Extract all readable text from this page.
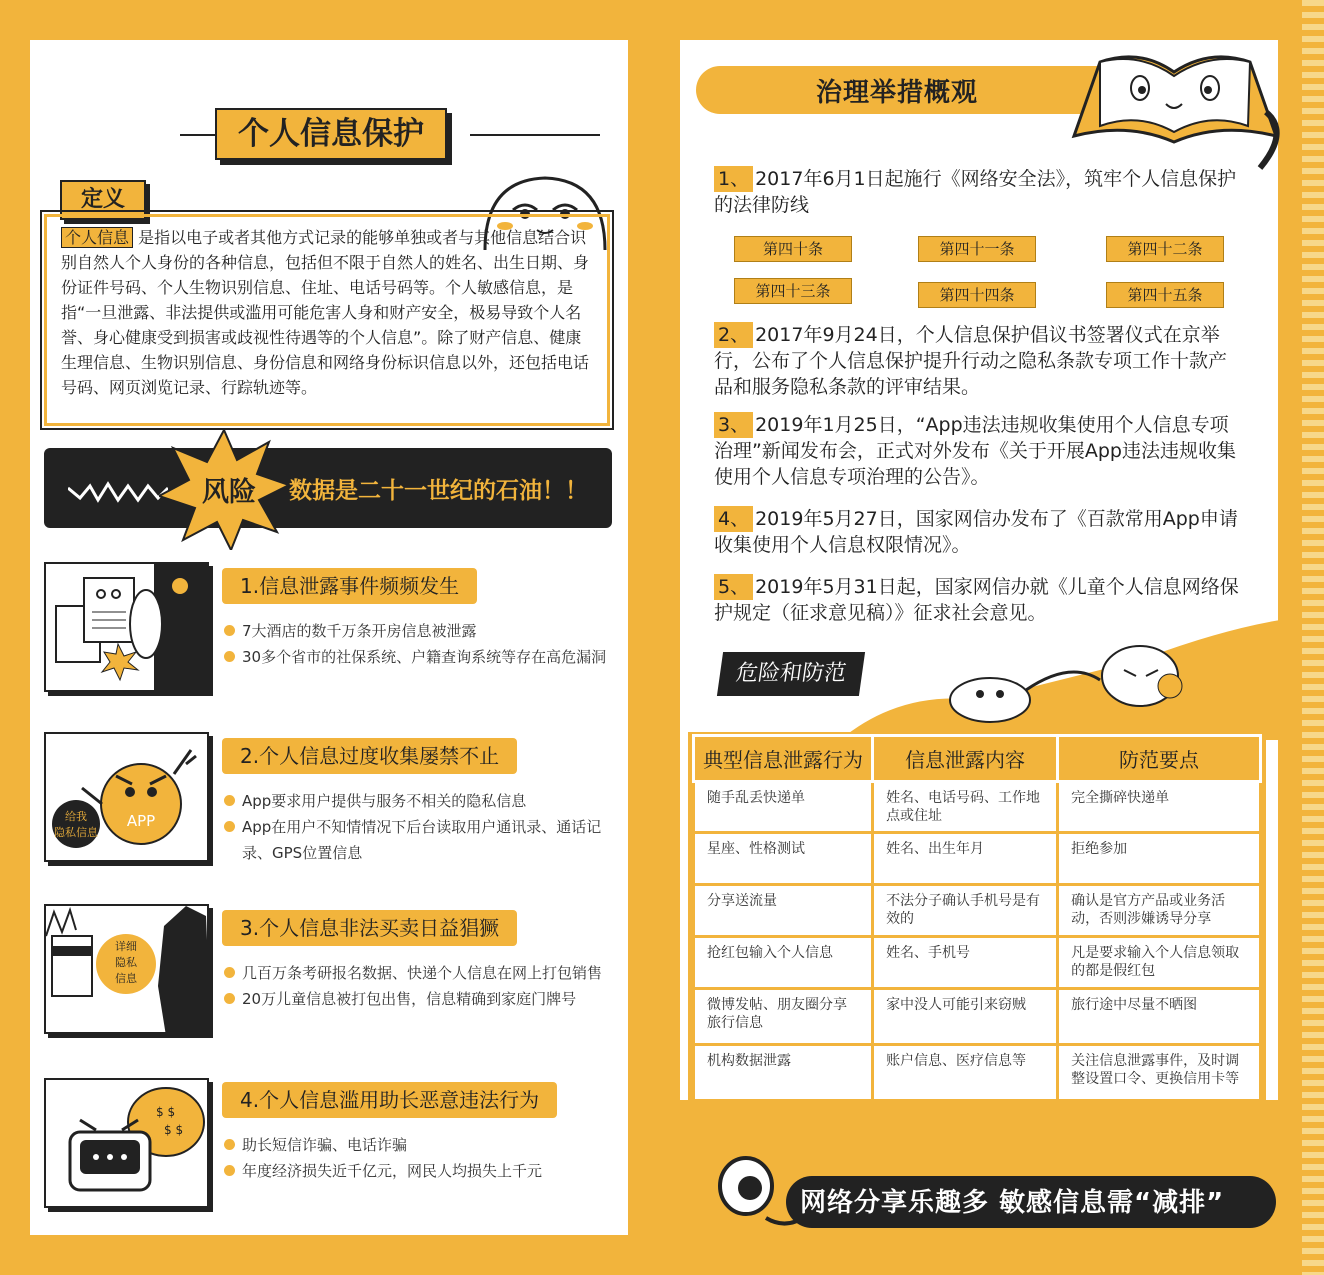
个人信息保护
定义
个人信息 是指以电子或者其他方式记录的能够单独或者与其他信息结合识别自然人个人身份的各种信息，包括但不限于自然人的姓名、出生日期、身份证件号码、个人生物识别信息、住址、电话号码等。个人敏感信息，是指“一旦泄露、非法提供或滥用可能危害人身和财产安全，极易导致个人名誉、身心健康受到损害或歧视性待遇等的个人信息”。除了财产信息、健康生理信息、生物识别信息、身份信息和网络身份标识信息以外，还包括电话号码、网页浏览记录、行踪轨迹等。
风险	数据是二十一世纪的石油！！
1.信息泄露事件频频发生
7大酒店的数千万条开房信息被泄露
30多个省市的社保系统、户籍查询系统等存在高危漏洞
APP
给我
隐私信息
2.个人信息过度收集屡禁不止
App要求用户提供与服务不相关的隐私信息
App在用户不知情情况下后台读取用户通讯录、通话记录、GPS位置信息
详细
隐私
信息
3.个人信息非法买卖日益猖獗
几百万条考研报名数据、快递个人信息在网上打包销售
20万儿童信息被打包出售，信息精确到家庭门牌号
$ $
$ $
4.个人信息滥用助长恶意违法行为
助长短信诈骗、电话诈骗
年度经济损失近千亿元，网民人均损失上千元
治理举措概观
1、 2017年6月1日起施行《网络安全法》，筑牢个人信息保护的法律防线
第四十条	第四十一条	第四十二条
第四十三条	第四十四条	第四十五条
2、 2017年9月24日，个人信息保护倡议书签署仪式在京举行，公布了个人信息保护提升行动之隐私条款专项工作十款产品和服务隐私条款的评审结果。
3、 2019年1月25日，“App违法违规收集使用个人信息专项治理”新闻发布会，正式对外发布《关于开展App违法违规收集使用个人信息专项治理的公告》。
4、 2019年5月27日，国家网信办发布了《百款常用App申请收集使用个人信息权限情况》。
5、 2019年5月31日起，国家网信办就《儿童个人信息网络保护规定（征求意见稿）》征求社会意见。
危险和防范
典型信息泄露行为	信息泄露内容	防范要点
随手乱丢快递单	姓名、电话号码、工作地点或住址	完全撕碎快递单
星座、性格测试	姓名、出生年月	拒绝参加
分享送流量	不法分子确认手机号是有效的	确认是官方产品或业务活动，否则涉嫌诱导分享
抢红包输入个人信息	姓名、手机号	凡是要求输入个人信息领取的都是假红包
微博发帖、朋友圈分享旅行信息	家中没人可能引来窃贼	旅行途中尽量不晒图
机构数据泄露	账户信息、医疗信息等	关注信息泄露事件，及时调整设置口令、更换信用卡等
网络分享乐趣多 敏感信息需“减排”
